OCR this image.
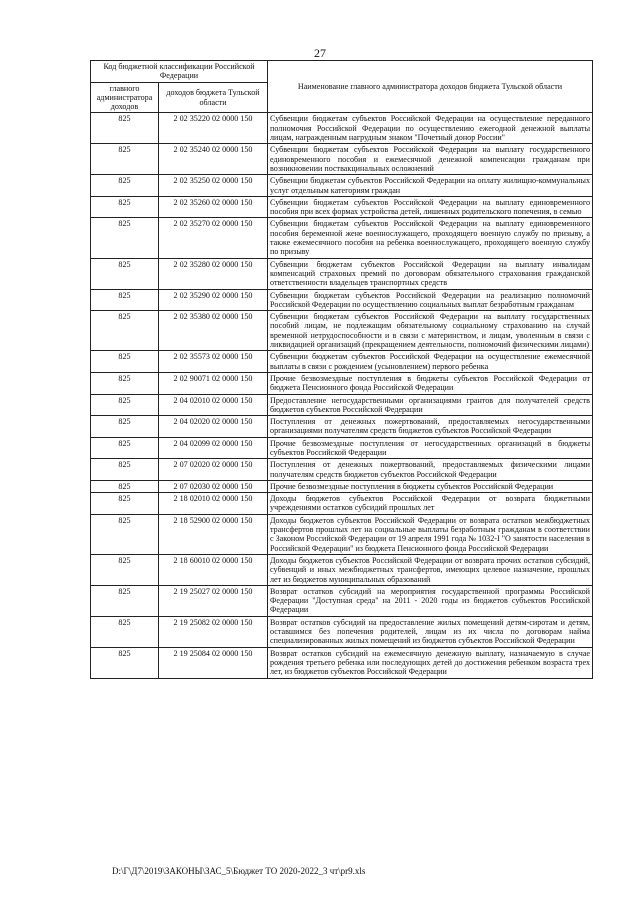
27
Код бюджетной классификации Российской Федерации		Наименование главного администратора доходов бюджета Тульской области
главного администратора доходов	доходов бюджета Тульской области	
825	2 02 35220 02 0000 150	Субвенции бюджетам субъектов Российской Федерации на осуществление переданного полномочия Российской Федерации по осуществлению ежегодной денежной выплаты лицам, награжденным нагрудным знаком "Почетный донор России"
825	2 02 35240 02 0000 150	Субвенции бюджетам субъектов Российской Федерации на выплату государственного единовременного пособия и ежемесячной денежной компенсации гражданам при возникновении поствакцинальных осложнений
825	2 02 35250 02 0000 150	Субвенции бюджетам субъектов Российской Федерации на оплату жилищно-коммунальных услуг отдельным категориям граждан
825	2 02 35260 02 0000 150	Субвенции бюджетам субъектов Российской Федерации на выплату единовременного пособия при всех формах устройства детей, лишенных родительского попечения, в семью
825	2 02 35270 02 0000 150	Субвенции бюджетам субъектов Российской Федерации на выплату единовременного пособия беременной жене военнослужащего, проходящего военную службу по призыву, а также ежемесячного пособия на ребенка военнослужащего, проходящего военную службу по призыву
825	2 02 35280 02 0000 150	Субвенции бюджетам субъектов Российской Федерации на выплату инвалидам компенсаций страховых премий по договорам обязательного страхования гражданской ответственности владельцев транспортных средств
825	2 02 35290 02 0000 150	Субвенции бюджетам субъектов Российской Федерации на реализацию полномочий Российской Федерации по осуществлению социальных выплат безработным гражданам
825	2 02 35380 02 0000 150	Субвенции бюджетам субъектов Российской Федерации на выплату государственных пособий лицам, не подлежащим обязательному социальному страхованию на случай временной нетрудоспособности и в связи с материнством, и лицам, уволенным в связи с ликвидацией организаций (прекращением деятельности, полномочий физическими лицами)
825	2 02 35573 02 0000 150	Субвенции бюджетам субъектов Российской Федерации на осуществление ежемесячной выплаты в связи с рождением (усыновлением) первого ребенка
825	2 02 90071 02 0000 150	Прочие безвозмездные поступления в бюджеты субъектов Российской Федерации от бюджета Пенсионного фонда Российской Федерации
825	2 04 02010 02 0000 150	Предоставление негосударственными организациями грантов для получателей средств бюджетов субъектов Российской Федерации
825	2 04 02020 02 0000 150	Поступления от денежных пожертвований, предоставляемых негосударственными организациями получателям средств бюджетов субъектов Российской Федерации
825	2 04 02099 02 0000 150	Прочие безвозмездные поступления от негосударственных организаций в бюджеты субъектов Российской Федерации
825	2 07 02020 02 0000 150	Поступления от денежных пожертвований, предоставляемых физическими лицами получателям средств бюджетов субъектов Российской Федерации
825	2 07 02030 02 0000 150	Прочие безвозмездные поступления в бюджеты субъектов Российской Федерации
825	2 18 02010 02 0000 150	Доходы бюджетов субъектов Российской Федерации от возврата бюджетными учреждениями остатков субсидий прошлых лет
825	2 18 52900 02 0000 150	Доходы бюджетов субъектов Российской Федерации от возврата остатков межбюджетных трансфертов прошлых лет на социальные выплаты безработным гражданам в соответствии с Законом Российской Федерации от 19 апреля 1991 года № 1032-I "О занятости населения в Российской Федерации" из бюджета Пенсионного фонда Российской Федерации
825	2 18 60010 02 0000 150	Доходы бюджетов субъектов Российской Федерации от возврата прочих остатков субсидий, субвенций и иных межбюджетных трансфертов, имеющих целевое назначение, прошлых лет из бюджетов муниципальных образований
825	2 19 25027 02 0000 150	Возврат остатков субсидий на мероприятия государственной программы Российской Федерации "Доступная среда" на 2011 - 2020 годы из бюджетов субъектов Российской Федерации
825	2 19 25082 02 0000 150	Возврат остатков субсидий на предоставление жилых помещений детям-сиротам и детям, оставшимся без попечения родителей, лицам из их числа по договорам найма специализированных жилых помещений из бюджетов субъектов Российской Федерации
825	2 19 25084 02 0000 150	Возврат остатков субсидий на ежемесячную денежную выплату, назначаемую в случае рождения третьего ребенка или последующих детей до достижения ребенком возраста трех лет, из бюджетов субъектов Российской Федерации
D:\Г\Д7\2019\ЗАКОНЫ\ЗАС_5\Бюджет ТО 2020-2022_3 чт\pr9.xls
